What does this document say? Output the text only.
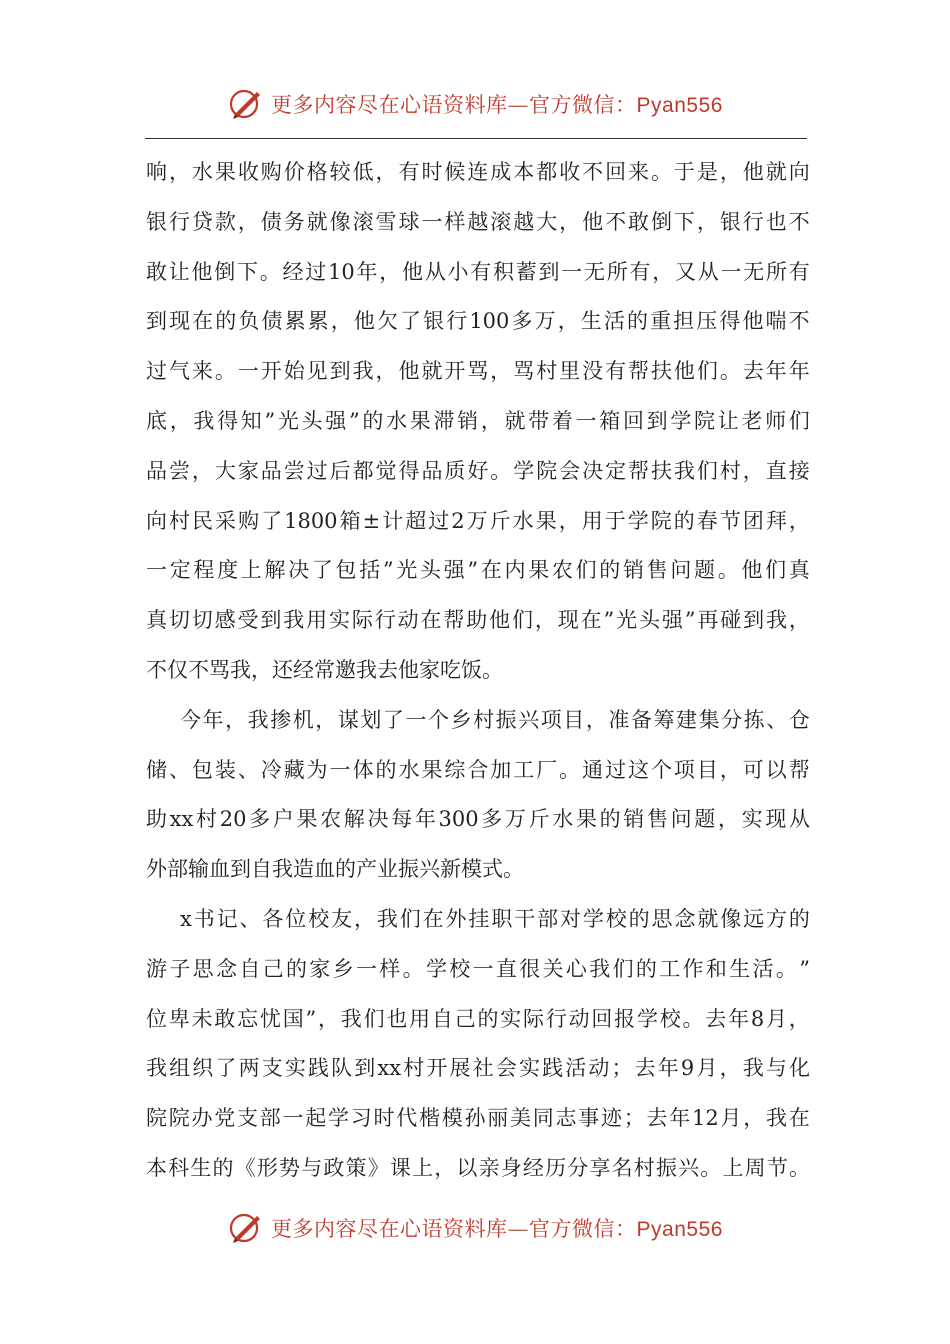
更多内容尽在心语资料库—官方微信：Pyan556
响 ， 水 果 收 购 价 格 较 低 ， 有 时 候 连 成 本 都 收 不 回 来 。 于 是 ， 他 就 向
银 行 贷 款 ， 债 务 就 像 滚 雪 球 一 样 越 滚 越 大 ， 他 不 敢 倒 下 ， 银 行 也 不
敢 让 他 倒 下 。 经 过 10 年 ， 他 从 小 有 积 蓄 到 一 无 所 有 ， 又 从 一 无 所 有
到 现 在 的 负 债 累 累 ， 他 欠 了 银 行 100 多 万 ， 生 活 的 重 担 压 得 他 喘 不
过 气 来 。 一 开 始 见 到 我 ， 他 就 开 骂 ， 骂 村 里 没 有 帮 扶 他 们 。 去 年 年
底 ， 我 得 知 ” 光 头 强 ” 的 水 果 滞 销 ， 就 带 着 一 箱 回 到 学 院 让 老 师 们
品 尝 ， 大 家 品 尝 过 后 都 觉 得 品 质 好 。 学 院 会 决 定 帮 扶 我 们 村 ， 直 接
向 村 民 采 购 了 1800 箱 ± 计 超 过 2 万 斤 水 果 ， 用 于 学 院 的 春 节 团 拜 ，
一 定 程 度 上 解 决 了 包 括 ” 光 头 强 ” 在 内 果 农 们 的 销 售 问 题 。 他 们 真
真 切 切 感 受 到 我 用 实 际 行 动 在 帮 助 他 们 ， 现 在 ” 光 头 强 ” 再 碰 到 我 ，
不仅不骂我，还经常邀我去他家吃饭。
今 年 ， 我 掺 机 ， 谋 划 了 一 个 乡 村 振 兴 项 目 ， 准 备 筹 建 集 分 拣 、 仓
储 、 包 装 、 冷 藏 为 一 体 的 水 果 综 合 加 工 厂 。 通 过 这 个 项 目 ， 可 以 帮
助 xx 村 20 多 户 果 农 解 决 每 年 300 多 万 斤 水 果 的 销 售 问 题 ， 实 现 从
外部输血到自我造血的产业振兴新模式。
x 书 记 、 各 位 校 友 ， 我 们 在 外 挂 职 干 部 对 学 校 的 思 念 就 像 远 方 的
游 子 思 念 自 己 的 家 乡 一 样 。 学 校 一 直 很 关 心 我 们 的 工 作 和 生 活 。 ”
位 卑 未 敢 忘 忧 国 ” ， 我 们 也 用 自 己 的 实 际 行 动 回 报 学 校 。 去 年 8 月 ，
我 组 织 了 两 支 实 践 队 到 xx 村 开 展 社 会 实 践 活 动 ； 去 年 9 月 ， 我 与 化
院 院 办 党 支 部 一 起 学 习 时 代 楷 模 孙 丽 美 同 志 事 迹 ； 去 年 12 月 ， 我 在
本 科 生 的 《 形 势 与 政 策 》 课 上 ， 以 亲 身 经 历 分 享 名 村 振 兴 。 上 周 节 。
更多内容尽在心语资料库—官方微信：Pyan556
